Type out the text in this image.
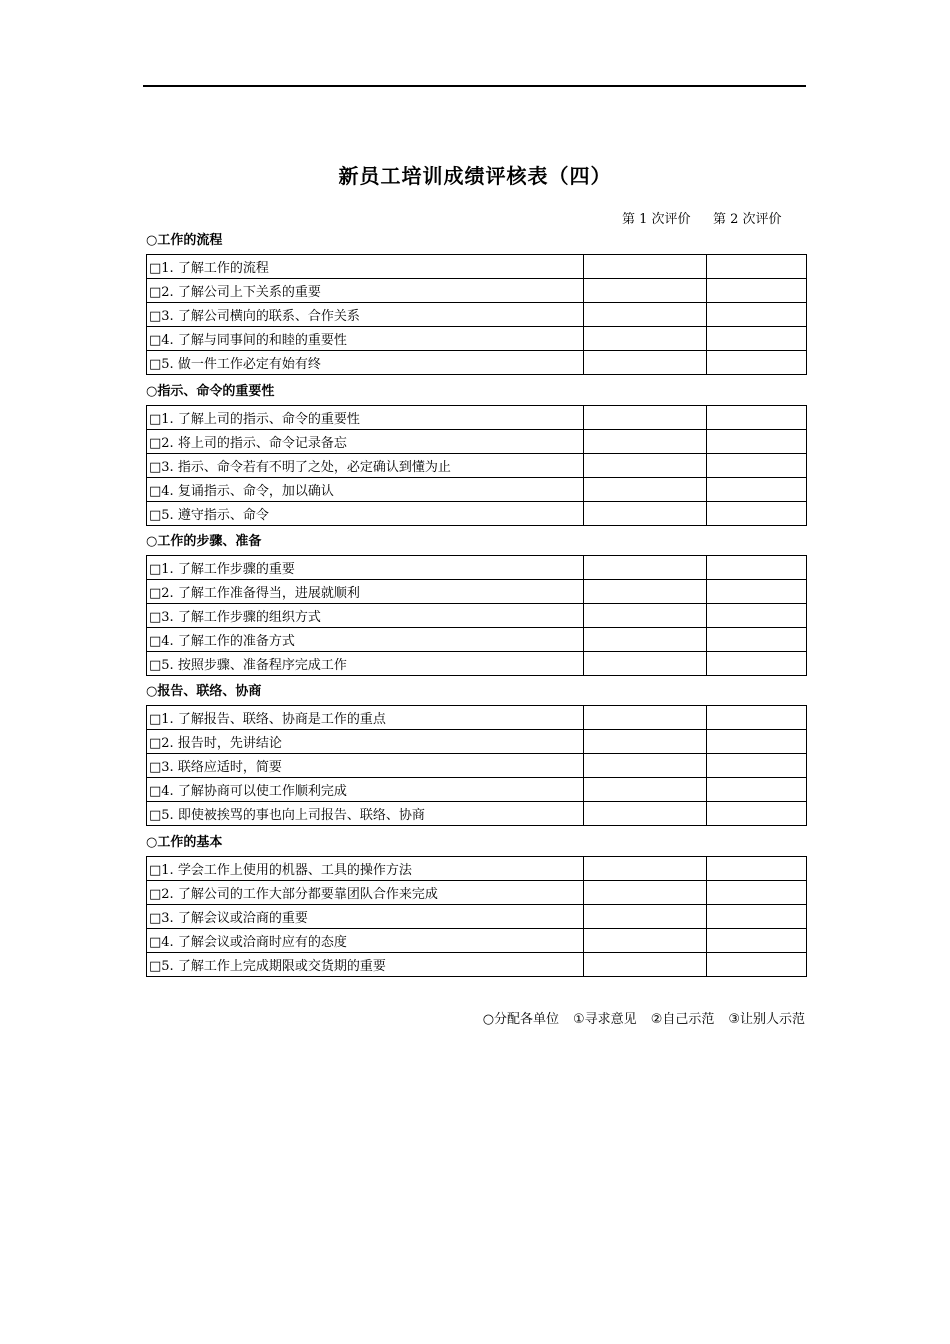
新员工培训成绩评核表（四）
第 1 次评价 第 2 次评价
○工作的流程
□1. 了解工作的流程		
□2. 了解公司上下关系的重要		
□3. 了解公司横向的联系、合作关系		
□4. 了解与同事间的和睦的重要性		
□5. 做一件工作必定有始有终		
○指示、命令的重要性
□1. 了解上司的指示、命令的重要性		
□2. 将上司的指示、命令记录备忘		
□3. 指示、命令若有不明了之处，必定确认到懂为止		
□4. 复诵指示、命令，加以确认		
□5. 遵守指示、命令		
○工作的步骤、准备
□1. 了解工作步骤的重要		
□2. 了解工作准备得当，进展就顺利		
□3. 了解工作步骤的组织方式		
□4. 了解工作的准备方式		
□5. 按照步骤、准备程序完成工作		
○报告、联络、协商
□1. 了解报告、联络、协商是工作的重点		
□2. 报告时，先讲结论		
□3. 联络应适时，简要		
□4. 了解协商可以使工作顺利完成		
□5. 即使被挨骂的事也向上司报告、联络、协商		
○工作的基本
□1. 学会工作上使用的机器、工具的操作方法		
□2. 了解公司的工作大部分都要靠团队合作来完成		
□3. 了解会议或洽商的重要		
□4. 了解会议或洽商时应有的态度		
□5. 了解工作上完成期限或交货期的重要		
○分配各单位 ①寻求意见 ②自己示范 ③让别人示范
